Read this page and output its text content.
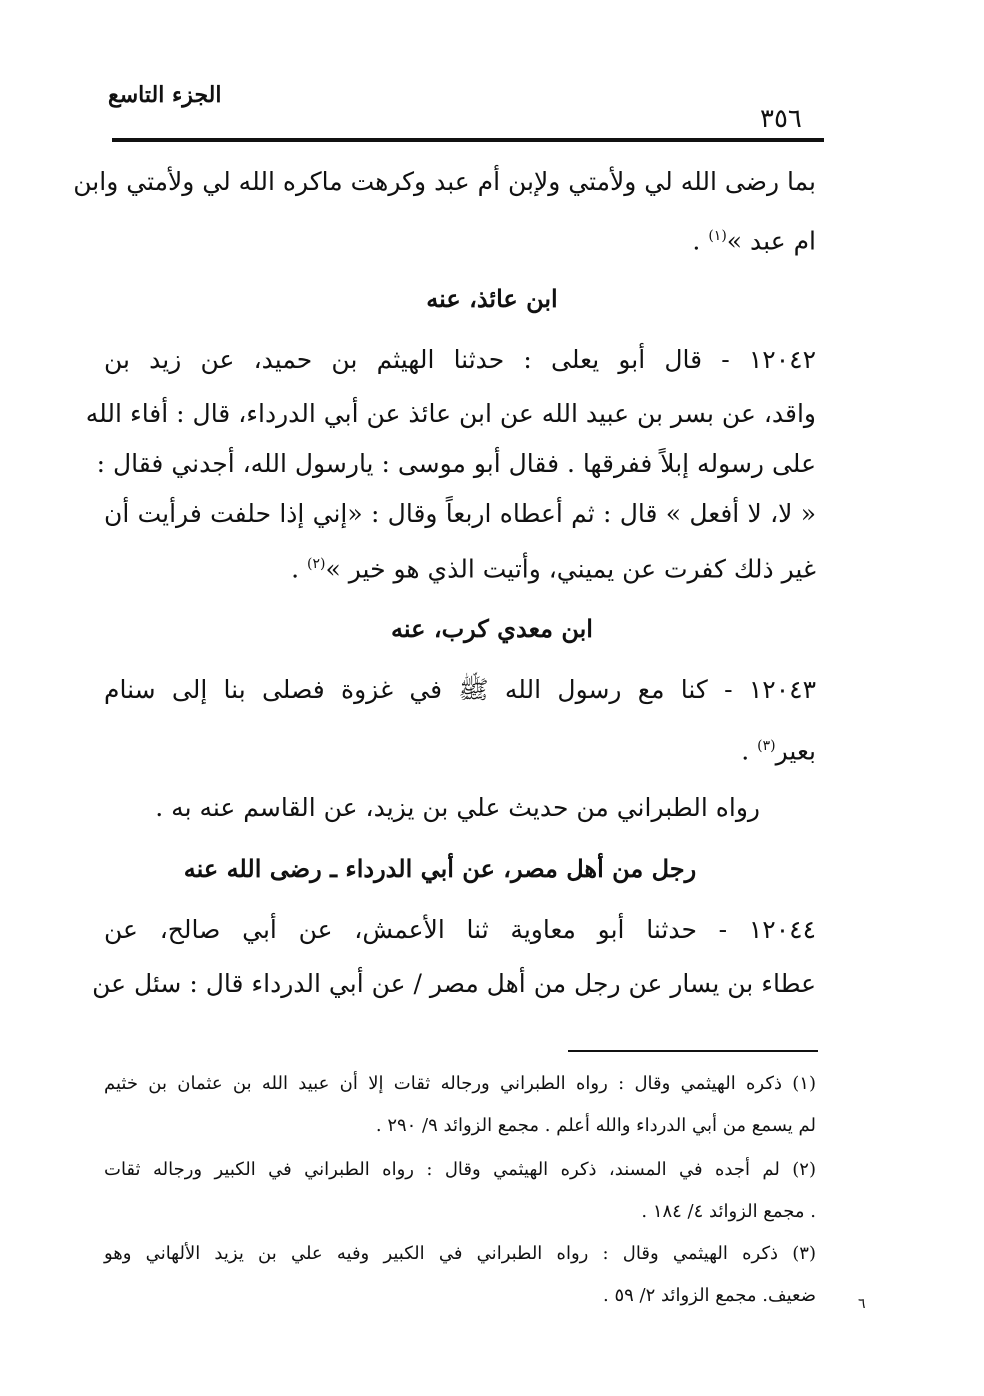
الجزء التاسع
٣٥٦
بما رضى الله لي ولأمتي ولإبن أم عبد وكرهت ماكره الله لي ولأمتي وابن
ام عبد »$^{(١)}$ .
ابن عائذ، عنه
١٢٠٤٢ - قال أبو يعلى : حدثنا الهيثم بن حميد، عن زيد بن
واقد، عن بسر بن عبيد الله عن ابن عائذ عن أبي الدرداء، قال : أفاء الله
على رسوله إبلاً ففرقها . فقال أبو موسى : يارسول الله، أجدني فقال :
« لا، لا أفعل » قال : ثم أعطاه اربعاً وقال : «إني إذا حلفت فرأيت أن
غير ذلك كفرت عن يميني، وأتيت الذي هو خير »$^{(٢)}$ .
ابن معدي كرب، عنه
١٢٠٤٣ - كنا مع رسول الله ﷺ في غزوة فصلى بنا إلى سنام
بعير$^{(٣)}$ .
رواه الطبراني من حديث علي بن يزيد، عن القاسم عنه به .
رجل من أهل مصر، عن أبي الدرداء ـ رضى الله عنه
١٢٠٤٤ - حدثنا أبو معاوية ثنا الأعمش، عن أبي صالح، عن
عطاء بن يسار عن رجل من أهل مصر / عن أبي الدرداء قال : سئل عن
(١) ذكره الهيثمي وقال : رواه الطبراني ورجاله ثقات إلا أن عبيد الله بن عثمان بن خثيم
لم يسمع من أبي الدرداء والله أعلم . مجمع الزوائد ٩/ ٢٩٠ .
(٢) لم أجده في المسند، ذكره الهيثمي وقال : رواه الطبراني في الكبير ورجاله ثقات
. مجمع الزوائد ٤/ ١٨٤ .
(٣) ذكره الهيثمي وقال : رواه الطبراني في الكبير وفيه علي بن يزيد الألهاني وهو
ضعيف. مجمع الزوائد ٢/ ٥٩ .	٦
